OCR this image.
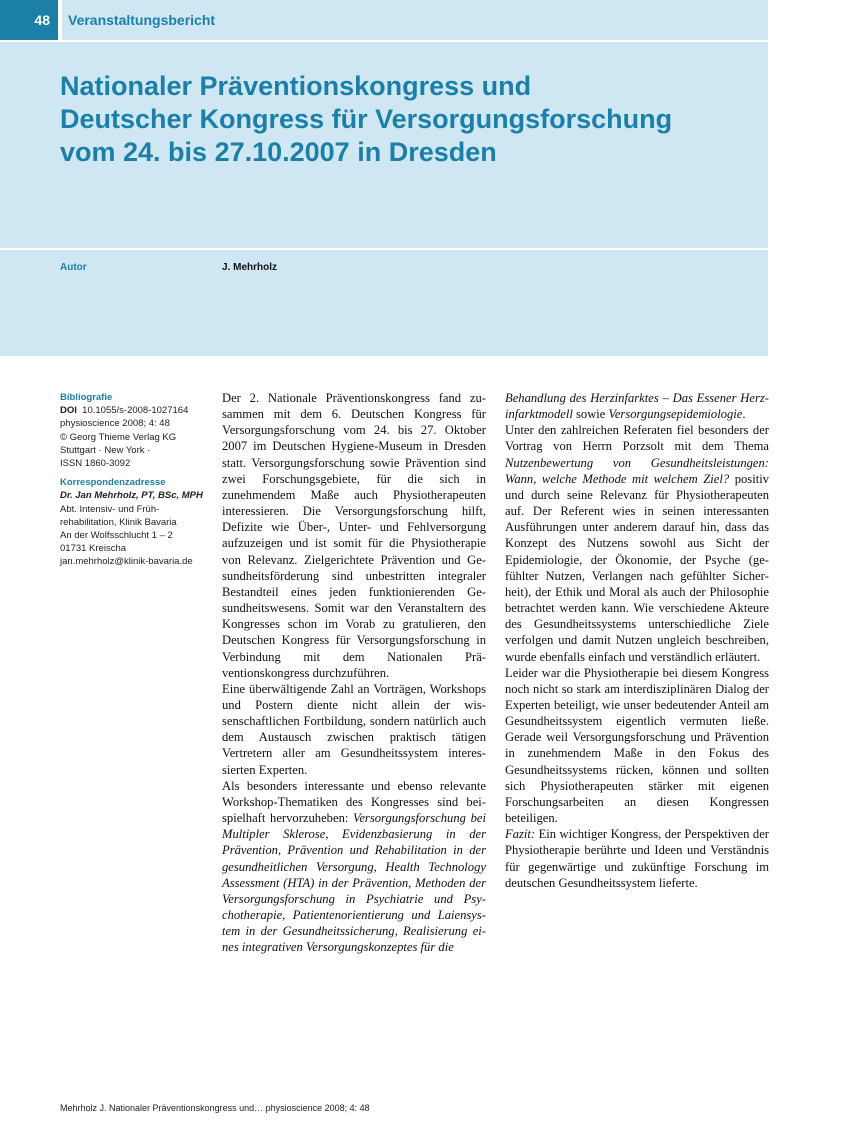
48	Veranstaltungsbericht
Nationaler Präventionskongress und
Deutscher Kongress für Versorgungsforschung
vom 24. bis 27.10.2007 in Dresden
Autor	J. Mehrholz
Bibliografie
DOI 10.1055/s-2008-1027164
physioscience 2008; 4: 48
© Georg Thieme Verlag KG
Stuttgart · New York ·
ISSN 1860-3092
Korrespondenzadresse
Dr. Jan Mehrholz, PT, BSc, MPH
Abt. Intensiv- und Früh-
rehabilitation, Klinik Bavaria
An der Wolfsschlucht 1 – 2
01731 Kreischa
jan.mehrholz@klinik-bavaria.de

Der 2. Nationale Präventionskongress fand zusammen mit dem 6. Deutschen Kongress für Versorgungsforschung vom 24. bis 27. Oktober 2007 im Deutschen Hygiene-Museum in Dresden statt. Versorgungsforschung sowie Prävention sind zwei Forschungsgebiete, für die sich in zunehmendem Maße auch Physiotherapeuten interessieren. Die Versorgungsforschung hilft, Defizite wie Über-, Unter- und Fehlversorgung aufzuzeigen und ist somit für die Physiotherapie von Relevanz. Zielgerichtete Prävention und Gesundheitsförderung sind unbestritten integraler Bestandteil eines jeden funktionierenden Gesundheitswesens. Somit war den Veranstaltern des Kongresses schon im Vorab zu gratulieren, den Deutschen Kongress für Versorgungsforschung in Verbindung mit dem Nationalen Präventionskongress durchzuführen.

Eine überwältigende Zahl an Vorträgen, Workshops und Postern diente nicht allein der wissenschaftlichen Fortbildung, sondern natürlich auch dem Austausch zwischen praktisch tätigen Vertretern aller am Gesundheitssystem interessierten Experten.

Als besonders interessante und ebenso relevante Workshop-Thematiken des Kongresses sind beispielhaft hervorzuheben: Versorgungsforschung bei Multipler Sklerose, Evidenzbasierung in der Prävention, Prävention und Rehabilitation in der gesundheitlichen Versorgung, Health Technology Assessment (HTA) in der Prävention, Methoden der Versorgungsforschung in Psychiatrie und Psychotherapie, Patientenorientierung und Laiensystem in der Gesundheitssicherung, Realisierung eines integrativen Versorgungskonzeptes für die

Behandlung des Herzinfarktes – Das Essener Herzinfarktmodell sowie Versorgungsepidemiologie.

Unter den zahlreichen Referaten fiel besonders der Vortrag von Herrn Porzsolt mit dem Thema Nutzenbewertung von Gesundheitsleistungen: Wann, welche Methode mit welchem Ziel? positiv und durch seine Relevanz für Physiotherapeuten auf. Der Referent wies in seinen interessanten Ausführungen unter anderem darauf hin, dass das Konzept des Nutzens sowohl aus Sicht der Epidemiologie, der Ökonomie, der Psyche (gefühlter Nutzen, Verlangen nach gefühlter Sicherheit), der Ethik und Moral als auch der Philosophie betrachtet werden kann. Wie verschiedene Akteure des Gesundheitssystems unterschiedliche Ziele verfolgen und damit Nutzen ungleich beschreiben, wurde ebenfalls einfach und verständlich erläutert.

Leider war die Physiotherapie bei diesem Kongress noch nicht so stark am interdisziplinären Dialog der Experten beteiligt, wie unser bedeutender Anteil am Gesundheitssystem eigentlich vermuten ließe. Gerade weil Versorgungsforschung und Prävention in zunehmendem Maße in den Fokus des Gesundheitssystems rücken, können und sollten sich Physiotherapeuten stärker mit eigenen Forschungsarbeiten an diesen Kongressen beteiligen.

Fazit: Ein wichtiger Kongress, der Perspektiven der Physiotherapie berührte und Ideen und Verständnis für gegenwärtige und zukünftige Forschung im deutschen Gesundheitssystem lieferte.

Mehrholz J. Nationaler Präventionskongress und… physioscience 2008; 4: 48
